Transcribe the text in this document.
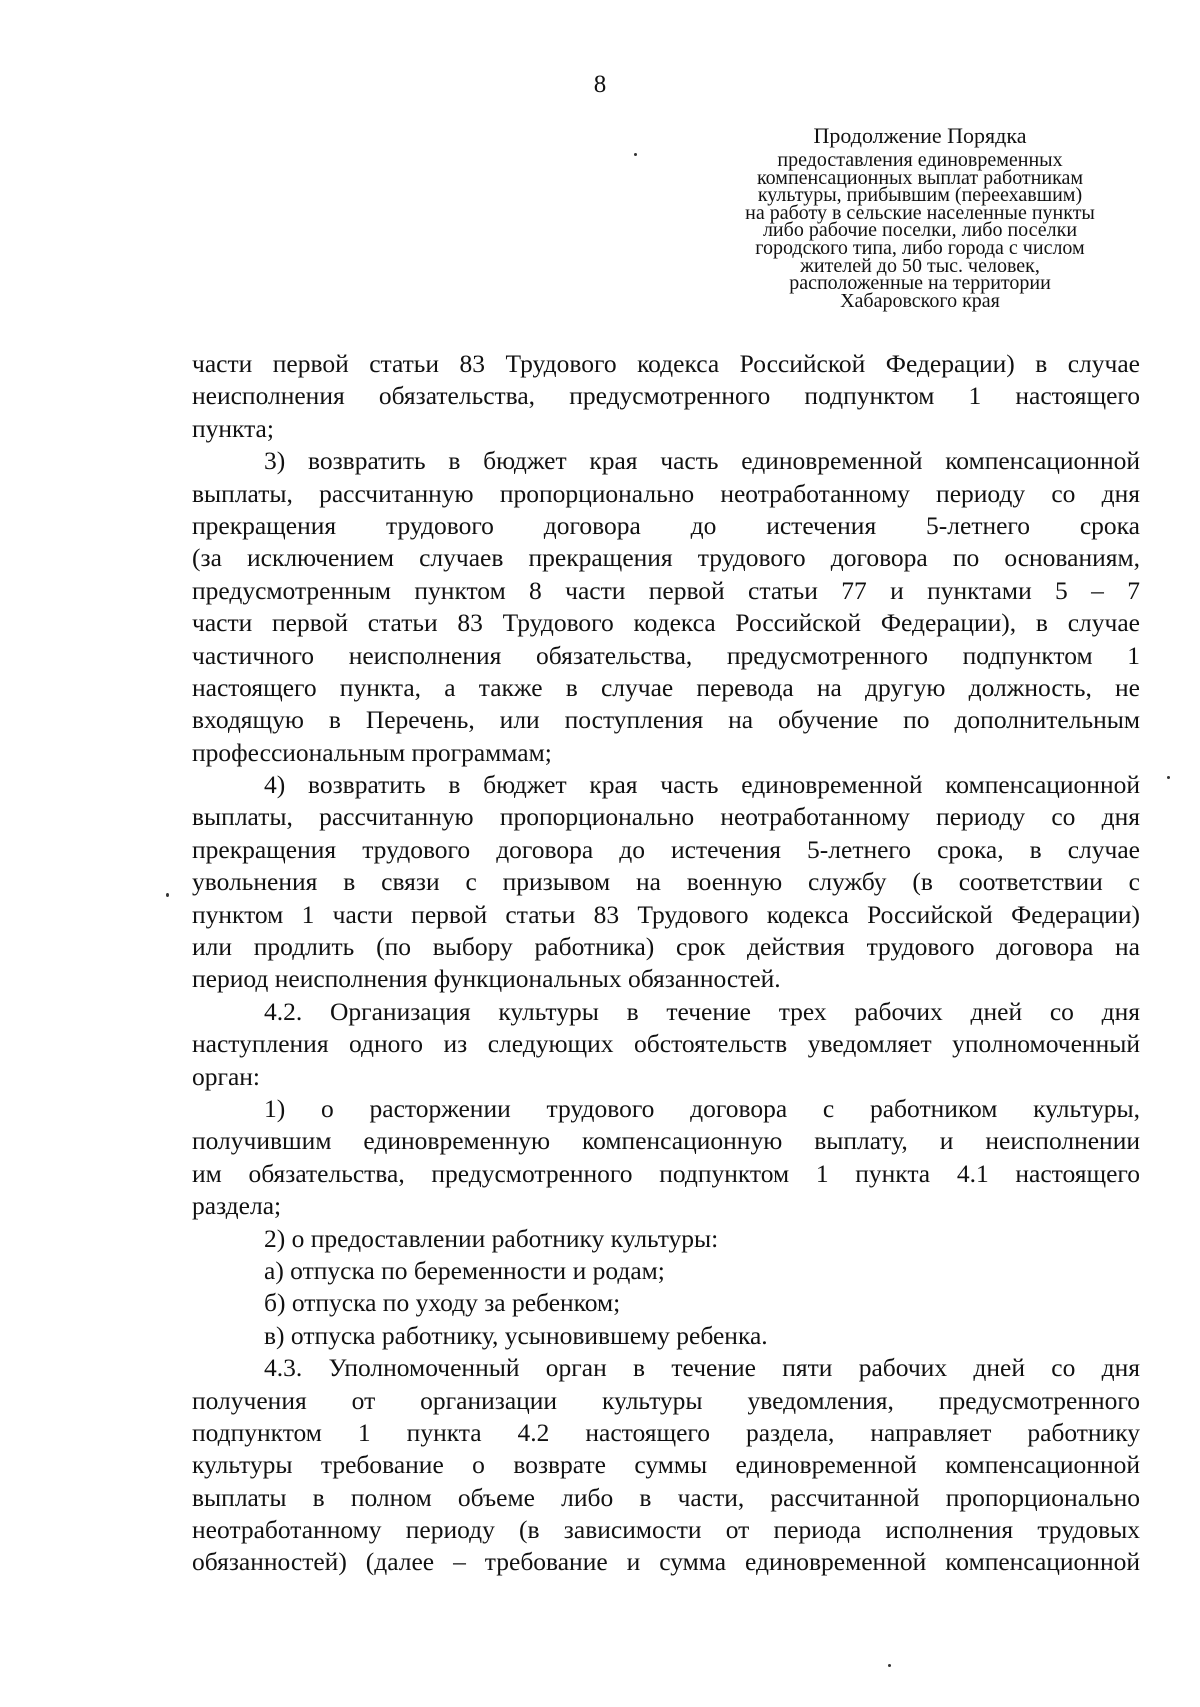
8
Продолжение Порядка
предоставления единовременных
компенсационных выплат работникам
культуры, прибывшим (переехавшим)
на работу в сельские населенные пункты
либо рабочие поселки, либо поселки
городского типа, либо города с числом
жителей до 50 тыс. человек,
расположенные на территории
Хабаровского края
части первой статьи 83 Трудового кодекса Российской Федерации) в случае
неисполнения обязательства, предусмотренного подпунктом 1 настоящего
пункта;
3) возвратить в бюджет края часть единовременной компенсационной
выплаты, рассчитанную пропорционально неотработанному периоду со дня
прекращения трудового договора до истечения 5-летнего срока
(за исключением случаев прекращения трудового договора по основаниям,
предусмотренным пунктом 8 части первой статьи 77 и пунктами 5 – 7
части первой статьи 83 Трудового кодекса Российской Федерации), в случае
частичного неисполнения обязательства, предусмотренного подпунктом 1
настоящего пункта, а также в случае перевода на другую должность, не
входящую в Перечень, или поступления на обучение по дополнительным
профессиональным программам;
4) возвратить в бюджет края часть единовременной компенсационной
выплаты, рассчитанную пропорционально неотработанному периоду со дня
прекращения трудового договора до истечения 5-летнего срока, в случае
увольнения в связи с призывом на военную службу (в соответствии с
пунктом 1 части первой статьи 83 Трудового кодекса Российской Федерации)
или продлить (по выбору работника) срок действия трудового договора на
период неисполнения функциональных обязанностей.
4.2. Организация культуры в течение трех рабочих дней со дня
наступления одного из следующих обстоятельств уведомляет уполномоченный
орган:
1) о расторжении трудового договора с работником культуры,
получившим единовременную компенсационную выплату, и неисполнении
им обязательства, предусмотренного подпунктом 1 пункта 4.1 настоящего
раздела;
2) о предоставлении работнику культуры:
а) отпуска по беременности и родам;
б) отпуска по уходу за ребенком;
в) отпуска работнику, усыновившему ребенка.
4.3. Уполномоченный орган в течение пяти рабочих дней со дня
получения от организации культуры уведомления, предусмотренного
подпунктом 1 пункта 4.2 настоящего раздела, направляет работнику
культуры требование о возврате суммы единовременной компенсационной
выплаты в полном объеме либо в части, рассчитанной пропорционально
неотработанному периоду (в зависимости от периода исполнения трудовых
обязанностей) (далее – требование и сумма единовременной компенсационной
